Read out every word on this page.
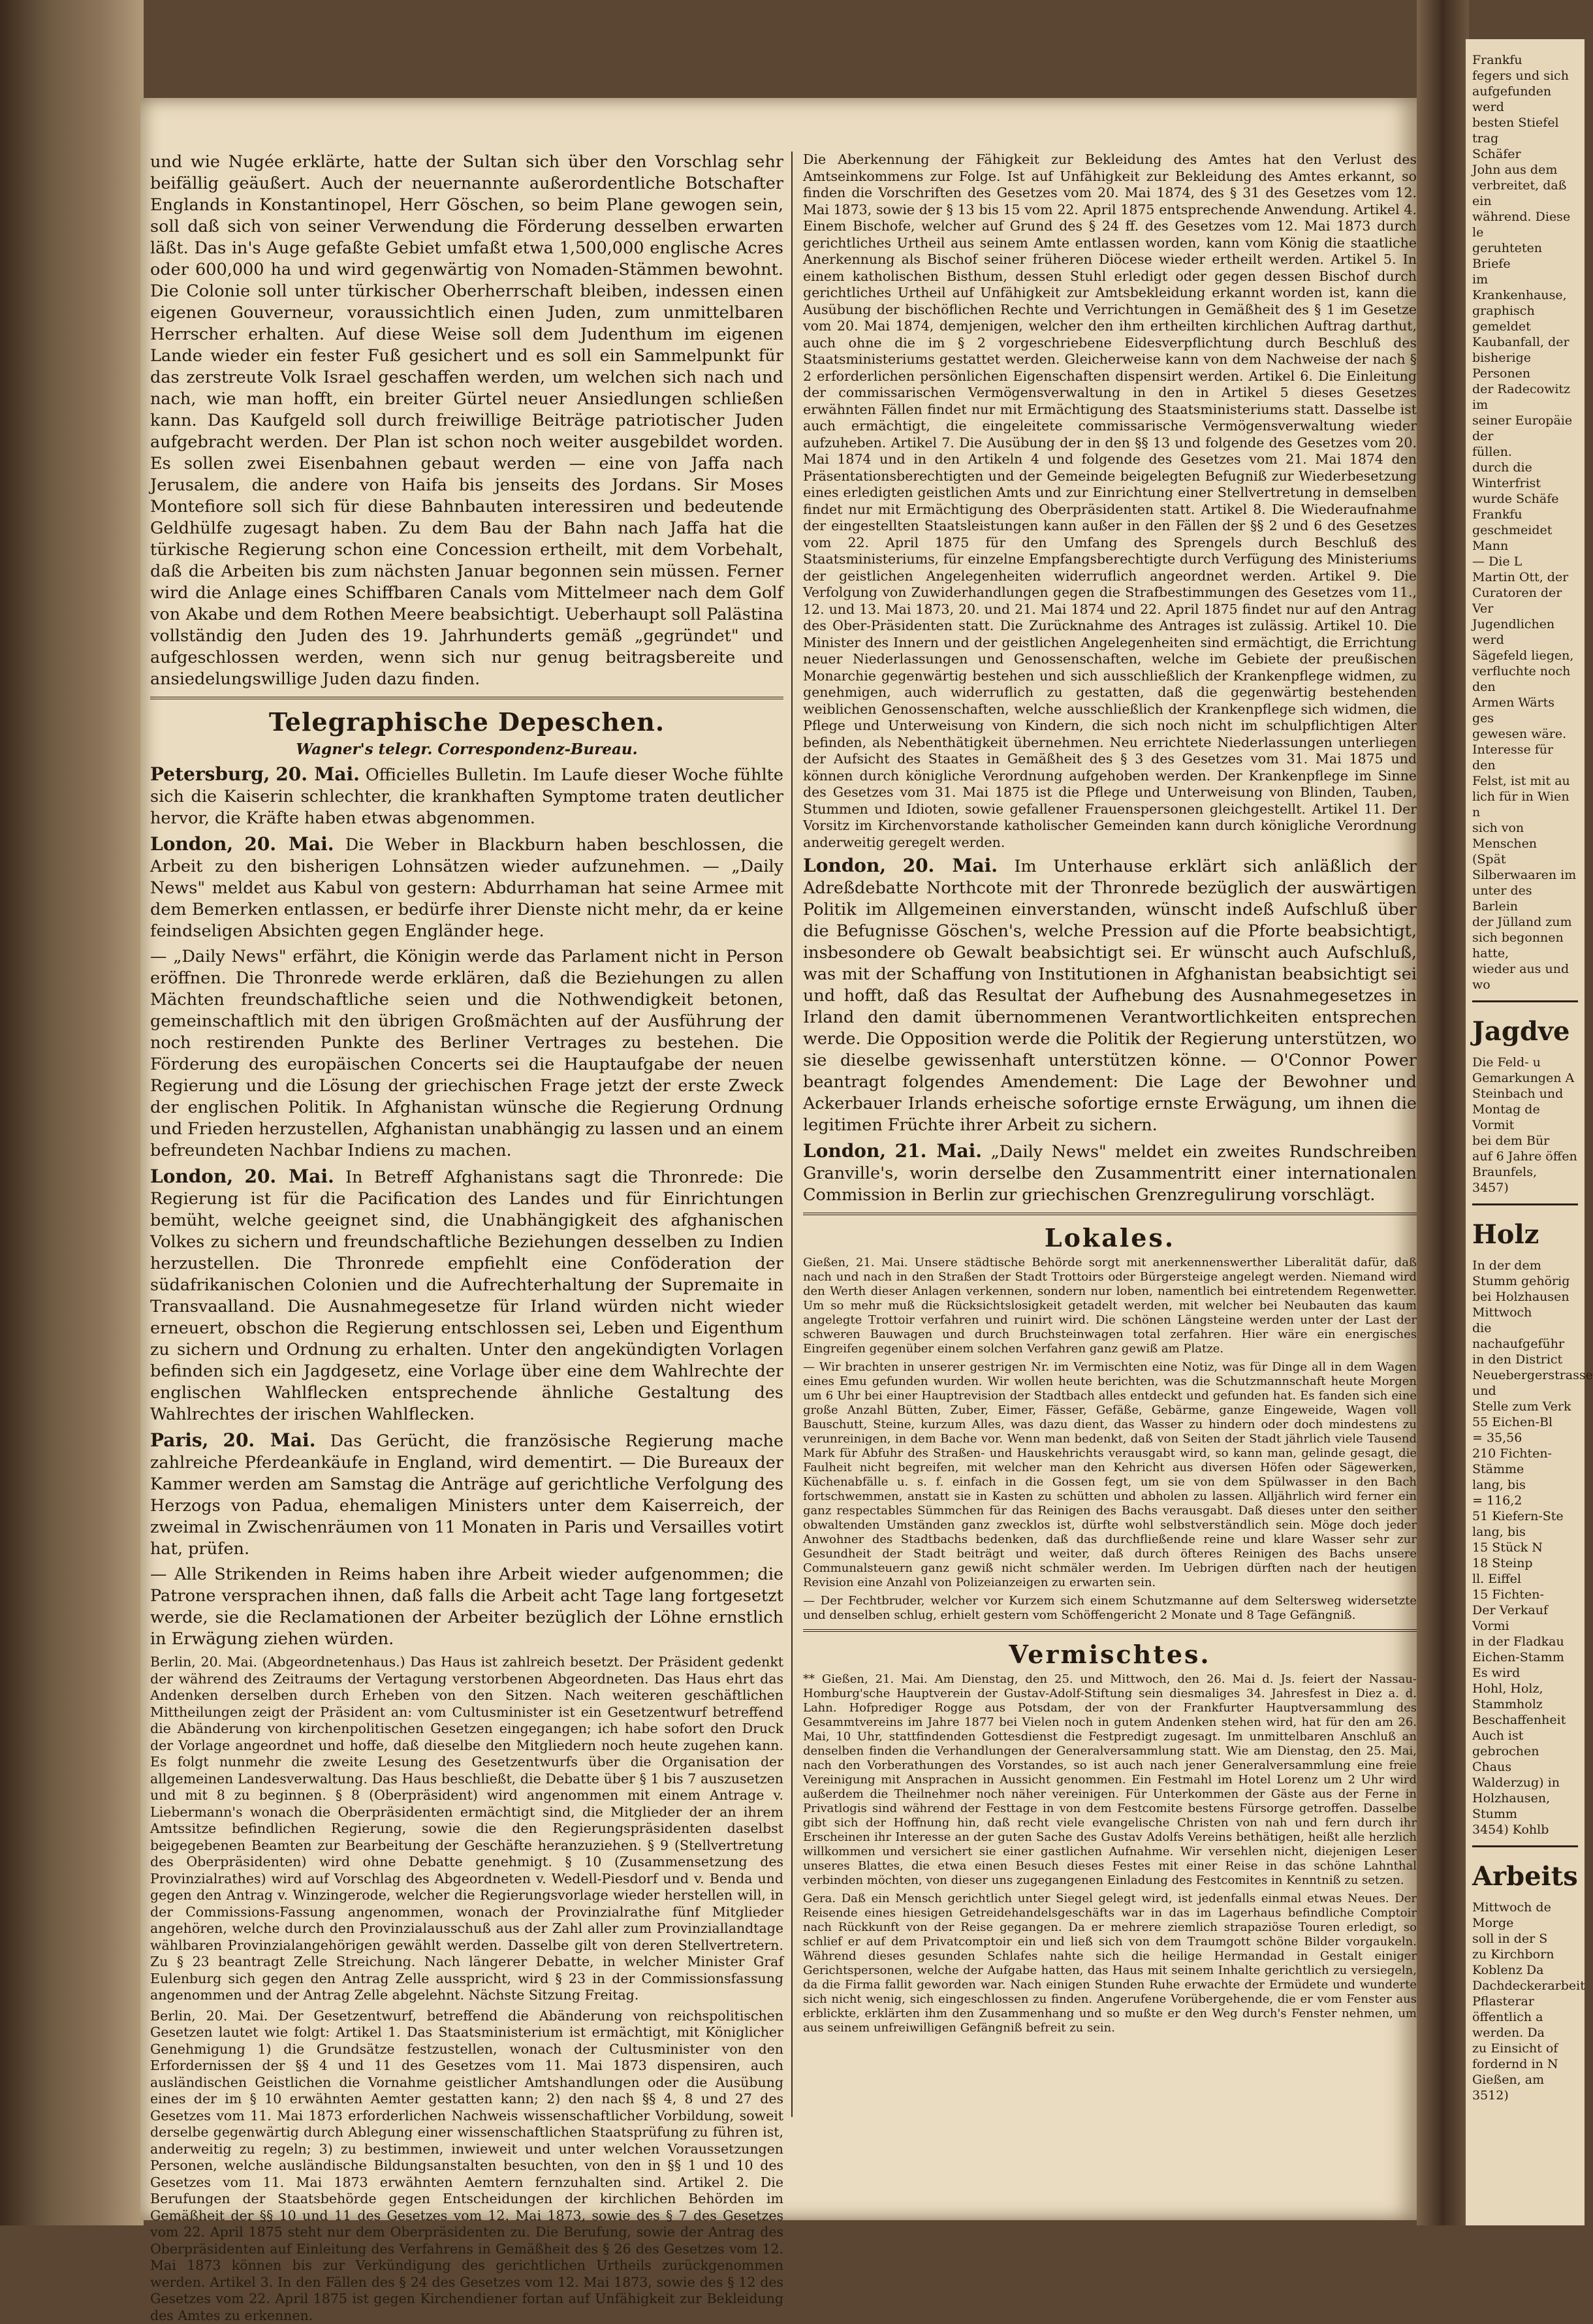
und wie Nugée erklärte, hatte der Sultan sich über den Vorschlag sehr beifällig geäußert. Auch der neuernannte außerordentliche Botschafter Englands in Konstantinopel, Herr Göschen, so beim Plane gewogen sein, soll daß sich von seiner Verwendung die Förderung desselben erwarten läßt. Das in's Auge gefaßte Gebiet umfaßt etwa 1,500,000 englische Acres oder 600,000 ha und wird gegenwärtig von Nomaden-Stämmen bewohnt. Die Colonie soll unter türkischer Oberherrschaft bleiben, indessen einen eigenen Gouverneur, voraussichtlich einen Juden, zum unmittelbaren Herrscher erhalten. Auf diese Weise soll dem Judenthum im eigenen Lande wieder ein fester Fuß gesichert und es soll ein Sammelpunkt für das zerstreute Volk Israel geschaffen werden, um welchen sich nach und nach, wie man hofft, ein breiter Gürtel neuer Ansiedlungen schließen kann. Das Kaufgeld soll durch freiwillige Beiträge patriotischer Juden aufgebracht werden. Der Plan ist schon noch weiter ausgebildet worden. Es sollen zwei Eisenbahnen gebaut werden — eine von Jaffa nach Jerusalem, die andere von Haifa bis jenseits des Jordans. Sir Moses Montefiore soll sich für diese Bahnbauten interessiren und bedeutende Geldhülfe zugesagt haben. Zu dem Bau der Bahn nach Jaffa hat die türkische Regierung schon eine Concession ertheilt, mit dem Vorbehalt, daß die Arbeiten bis zum nächsten Januar begonnen sein müssen. Ferner wird die Anlage eines Schiffbaren Canals vom Mittelmeer nach dem Golf von Akabe und dem Rothen Meere beabsichtigt. Ueberhaupt soll Palästina vollständig den Juden des 19. Jahrhunderts gemäß „gegründet" und aufgeschlossen werden, wenn sich nur genug beitragsbereite und ansiedelungswillige Juden dazu finden.

Telegraphische Depeschen.
Wagner's telegr. Correspondenz-Bureau.

Petersburg, 20. Mai. Officielles Bulletin. Im Laufe dieser Woche fühlte sich die Kaiserin schlechter, die krankhaften Symptome traten deutlicher hervor, die Kräfte haben etwas abgenommen.

London, 20. Mai. Die Weber in Blackburn haben beschlossen, die Arbeit zu den bisherigen Lohnsätzen wieder aufzunehmen. — „Daily News" meldet aus Kabul von gestern: Abdurrhaman hat seine Armee mit dem Bemerken entlassen, er bedürfe ihrer Dienste nicht mehr, da er keine feindseligen Absichten gegen Engländer hege.

— „Daily News" erfährt, die Königin werde das Parlament nicht in Person eröffnen. Die Thronrede werde erklären, daß die Beziehungen zu allen Mächten freundschaftliche seien und die Nothwendigkeit betonen, gemeinschaftlich mit den übrigen Großmächten auf der Ausführung der noch restirenden Punkte des Berliner Vertrages zu bestehen. Die Förderung des europäischen Concerts sei die Hauptaufgabe der neuen Regierung und die Lösung der griechischen Frage jetzt der erste Zweck der englischen Politik. In Afghanistan wünsche die Regierung Ordnung und Frieden herzustellen, Afghanistan unabhängig zu lassen und an einem befreundeten Nachbar Indiens zu machen.

London, 20. Mai. In Betreff Afghanistans sagt die Thronrede: Die Regierung ist für die Pacification des Landes und für Einrichtungen bemüht, welche geeignet sind, die Unabhängigkeit des afghanischen Volkes zu sichern und freundschaftliche Beziehungen desselben zu Indien herzustellen. Die Thronrede empfiehlt eine Conföderation der südafrikanischen Colonien und die Aufrechterhaltung der Supremaite in Transvaalland. Die Ausnahmegesetze für Irland würden nicht wieder erneuert, obschon die Regierung entschlossen sei, Leben und Eigenthum zu sichern und Ordnung zu erhalten. Unter den angekündigten Vorlagen befinden sich ein Jagdgesetz, eine Vorlage über eine dem Wahlrechte der englischen Wahlflecken entsprechende ähnliche Gestaltung des Wahlrechtes der irischen Wahlflecken.

Paris, 20. Mai. Das Gerücht, die französische Regierung mache zahlreiche Pferdeankäufe in England, wird dementirt. — Die Bureaux der Kammer werden am Samstag die Anträge auf gerichtliche Verfolgung des Herzogs von Padua, ehemaligen Ministers unter dem Kaiserreich, der zweimal in Zwischenräumen von 11 Monaten in Paris und Versailles votirt hat, prüfen.

— Alle Strikenden in Reims haben ihre Arbeit wieder aufgenommen; die Patrone versprachen ihnen, daß falls die Arbeit acht Tage lang fortgesetzt werde, sie die Reclamationen der Arbeiter bezüglich der Löhne ernstlich in Erwägung ziehen würden.

Berlin, 20. Mai. (Abgeordnetenhaus.) Das Haus ist zahlreich besetzt. Der Präsident gedenkt der während des Zeitraums der Vertagung verstorbenen Abgeordneten. Das Haus ehrt das Andenken derselben durch Erheben von den Sitzen. Nach weiteren geschäftlichen Mittheilungen zeigt der Präsident an: vom Cultusminister ist ein Gesetzentwurf betreffend die Abänderung von kirchenpolitischen Gesetzen eingegangen; ich habe sofort den Druck der Vorlage angeordnet und hoffe, daß dieselbe den Mitgliedern noch heute zugehen kann. Es folgt nunmehr die zweite Lesung des Gesetzentwurfs über die Organisation der allgemeinen Landesverwaltung. Das Haus beschließt, die Debatte über § 1 bis 7 auszusetzen und mit 8 zu beginnen. § 8 (Oberpräsident) wird angenommen mit einem Antrage v. Liebermann's wonach die Oberpräsidenten ermächtigt sind, die Mitglieder der an ihrem Amtssitze befindlichen Regierung, sowie die den Regierungspräsidenten daselbst beigegebenen Beamten zur Bearbeitung der Geschäfte heranzuziehen. § 9 (Stellvertretung des Oberpräsidenten) wird ohne Debatte genehmigt. § 10 (Zusammensetzung des Provinzialrathes) wird auf Vorschlag des Abgeordneten v. Wedell-Piesdorf und v. Benda und gegen den Antrag v. Winzingerode, welcher die Regierungsvorlage wieder herstellen will, in der Commissions-Fassung angenommen, wonach der Provinzialrathe fünf Mitglieder angehören, welche durch den Provinzialausschuß aus der Zahl aller zum Provinziallandtage wählbaren Provinzialangehörigen gewählt werden. Dasselbe gilt von deren Stellvertretern. Zu § 23 beantragt Zelle Streichung. Nach längerer Debatte, in welcher Minister Graf Eulenburg sich gegen den Antrag Zelle ausspricht, wird § 23 in der Commissionsfassung angenommen und der Antrag Zelle abgelehnt. Nächste Sitzung Freitag.

Berlin, 20. Mai. Der Gesetzentwurf, betreffend die Abänderung von reichspolitischen Gesetzen lautet wie folgt: Artikel 1. Das Staatsministerium ist ermächtigt, mit Königlicher Genehmigung 1) die Grundsätze festzustellen, wonach der Cultusminister von den Erfordernissen der §§ 4 und 11 des Gesetzes vom 11. Mai 1873 dispensiren, auch ausländischen Geistlichen die Vornahme geistlicher Amtshandlungen oder die Ausübung eines der im § 10 erwähnten Aemter gestatten kann; 2) den nach §§ 4, 8 und 27 des Gesetzes vom 11. Mai 1873 erforderlichen Nachweis wissenschaftlicher Vorbildung, soweit derselbe gegenwärtig durch Ablegung einer wissenschaftlichen Staatsprüfung zu führen ist, anderweitig zu regeln; 3) zu bestimmen, inwieweit und unter welchen Voraussetzungen Personen, welche ausländische Bildungsanstalten besuchten, von den in §§ 1 und 10 des Gesetzes vom 11. Mai 1873 erwähnten Aemtern fernzuhalten sind. Artikel 2. Die Berufungen der Staatsbehörde gegen Entscheidungen der kirchlichen Behörden im Gemäßheit der §§ 10 und 11 des Gesetzes vom 12. Mai 1873, sowie des § 7 des Gesetzes vom 22. April 1875 steht nur dem Oberpräsidenten zu. Die Berufung, sowie der Antrag des Oberpräsidenten auf Einleitung des Verfahrens in Gemäßheit des § 26 des Gesetzes vom 12. Mai 1873 können bis zur Verkündigung des gerichtlichen Urtheils zurückgenommen werden. Artikel 3. In den Fällen des § 24 des Gesetzes vom 12. Mai 1873, sowie des § 12 des Gesetzes vom 22. April 1875 ist gegen Kirchendiener fortan auf Unfähigkeit zur Bekleidung des Amtes zu erkennen.

Die Aberkennung der Fähigkeit zur Bekleidung des Amtes hat den Verlust des Amtseinkommens zur Folge. Ist auf Unfähigkeit zur Bekleidung des Amtes erkannt, so finden die Vorschriften des Gesetzes vom 20. Mai 1874, des § 31 des Gesetzes vom 12. Mai 1873, sowie der § 13 bis 15 vom 22. April 1875 entsprechende Anwendung. Artikel 4. Einem Bischofe, welcher auf Grund des § 24 ff. des Gesetzes vom 12. Mai 1873 durch gerichtliches Urtheil aus seinem Amte entlassen worden, kann vom König die staatliche Anerkennung als Bischof seiner früheren Diöcese wieder ertheilt werden. Artikel 5. In einem katholischen Bisthum, dessen Stuhl erledigt oder gegen dessen Bischof durch gerichtliches Urtheil auf Unfähigkeit zur Amtsbekleidung erkannt worden ist, kann die Ausübung der bischöflichen Rechte und Verrichtungen in Gemäßheit des § 1 im Gesetze vom 20. Mai 1874, demjenigen, welcher den ihm ertheilten kirchlichen Auftrag darthut, auch ohne die im § 2 vorgeschriebene Eidesverpflichtung durch Beschluß des Staatsministeriums gestattet werden. Gleicherweise kann von dem Nachweise der nach § 2 erforderlichen persönlichen Eigenschaften dispensirt werden. Artikel 6. Die Einleitung der commissarischen Vermögensverwaltung in den in Artikel 5 dieses Gesetzes erwähnten Fällen findet nur mit Ermächtigung des Staatsministeriums statt. Dasselbe ist auch ermächtigt, die eingeleitete commissarische Vermögensverwaltung wieder aufzuheben. Artikel 7. Die Ausübung der in den §§ 13 und folgende des Gesetzes vom 20. Mai 1874 und in den Artikeln 4 und folgende des Gesetzes vom 21. Mai 1874 den Präsentationsberechtigten und der Gemeinde beigelegten Befugniß zur Wiederbesetzung eines erledigten geistlichen Amts und zur Einrichtung einer Stellvertretung in demselben findet nur mit Ermächtigung des Oberpräsidenten statt. Artikel 8. Die Wiederaufnahme der eingestellten Staatsleistungen kann außer in den Fällen der §§ 2 und 6 des Gesetzes vom 22. April 1875 für den Umfang des Sprengels durch Beschluß des Staatsministeriums, für einzelne Empfangsberechtigte durch Verfügung des Ministeriums der geistlichen Angelegenheiten widerruflich angeordnet werden. Artikel 9. Die Verfolgung von Zuwiderhandlungen gegen die Strafbestimmungen des Gesetzes vom 11., 12. und 13. Mai 1873, 20. und 21. Mai 1874 und 22. April 1875 findet nur auf den Antrag des Ober-Präsidenten statt. Die Zurücknahme des Antrages ist zulässig. Artikel 10. Die Minister des Innern und der geistlichen Angelegenheiten sind ermächtigt, die Errichtung neuer Niederlassungen und Genossenschaften, welche im Gebiete der preußischen Monarchie gegenwärtig bestehen und sich ausschließlich der Krankenpflege widmen, zu genehmigen, auch widerruflich zu gestatten, daß die gegenwärtig bestehenden weiblichen Genossenschaften, welche ausschließlich der Krankenpflege sich widmen, die Pflege und Unterweisung von Kindern, die sich noch nicht im schulpflichtigen Alter befinden, als Nebenthätigkeit übernehmen. Neu errichtete Niederlassungen unterliegen der Aufsicht des Staates in Gemäßheit des § 3 des Gesetzes vom 31. Mai 1875 und können durch königliche Verordnung aufgehoben werden. Der Krankenpflege im Sinne des Gesetzes vom 31. Mai 1875 ist die Pflege und Unterweisung von Blinden, Tauben, Stummen und Idioten, sowie gefallener Frauenspersonen gleichgestellt. Artikel 11. Der Vorsitz im Kirchenvorstande katholischer Gemeinden kann durch königliche Verordnung anderweitig geregelt werden.

London, 20. Mai. Im Unterhause erklärt sich anläßlich der Adreßdebatte Northcote mit der Thronrede bezüglich der auswärtigen Politik im Allgemeinen einverstanden, wünscht indeß Aufschluß über die Befugnisse Göschen's, welche Pression auf die Pforte beabsichtigt, insbesondere ob Gewalt beabsichtigt sei. Er wünscht auch Aufschluß, was mit der Schaffung von Institutionen in Afghanistan beabsichtigt sei und hofft, daß das Resultat der Aufhebung des Ausnahmegesetzes in Irland den damit übernommenen Verantwortlichkeiten entsprechen werde. Die Opposition werde die Politik der Regierung unterstützen, wo sie dieselbe gewissenhaft unterstützen könne. — O'Connor Power beantragt folgendes Amendement: Die Lage der Bewohner und Ackerbauer Irlands erheische sofortige ernste Erwägung, um ihnen die legitimen Früchte ihrer Arbeit zu sichern.

London, 21. Mai. „Daily News" meldet ein zweites Rundschreiben Granville's, worin derselbe den Zusammentritt einer internationalen Commission in Berlin zur griechischen Grenzregulirung vorschlägt.

Lokales.

Gießen, 21. Mai. Unsere städtische Behörde sorgt mit anerkennenswerther Liberalität dafür, daß nach und nach in den Straßen der Stadt Trottoirs oder Bürgersteige angelegt werden. Niemand wird den Werth dieser Anlagen verkennen, sondern nur loben, namentlich bei eintretendem Regenwetter. Um so mehr muß die Rücksichtslosigkeit getadelt werden, mit welcher bei Neubauten das kaum angelegte Trottoir verfahren und ruinirt wird. Die schönen Längsteine werden unter der Last der schweren Bauwagen und durch Bruchsteinwagen total zerfahren. Hier wäre ein energisches Eingreifen gegenüber einem solchen Verfahren ganz gewiß am Platze.

— Wir brachten in unserer gestrigen Nr. im Vermischten eine Notiz, was für Dinge all in dem Wagen eines Emu gefunden wurden. Wir wollen heute berichten, was die Schutzmannschaft heute Morgen um 6 Uhr bei einer Hauptrevision der Stadtbach alles entdeckt und gefunden hat. Es fanden sich eine große Anzahl Bütten, Zuber, Eimer, Fässer, Gefäße, Gebärme, ganze Eingeweide, Wagen voll Bauschutt, Steine, kurzum Alles, was dazu dient, das Wasser zu hindern oder doch mindestens zu verunreinigen, in dem Bache vor. Wenn man bedenkt, daß von Seiten der Stadt jährlich viele Tausend Mark für Abfuhr des Straßen- und Hauskehrichts verausgabt wird, so kann man, gelinde gesagt, die Faulheit nicht begreifen, mit welcher man den Kehricht aus diversen Höfen oder Sägewerken, Küchenabfälle u. s. f. einfach in die Gossen fegt, um sie von dem Spülwasser in den Bach fortschwemmen, anstatt sie in Kasten zu schütten und abholen zu lassen. Alljährlich wird ferner ein ganz respectables Sümmchen für das Reinigen des Bachs verausgabt. Daß dieses unter den seither obwaltenden Umständen ganz zwecklos ist, dürfte wohl selbstverständlich sein. Möge doch jeder Anwohner des Stadtbachs bedenken, daß das durchfließende reine und klare Wasser sehr zur Gesundheit der Stadt beiträgt und weiter, daß durch öfteres Reinigen des Bachs unsere Communalsteuern ganz gewiß nicht schmäler werden. Im Uebrigen dürften nach der heutigen Revision eine Anzahl von Polizeianzeigen zu erwarten sein.

— Der Fechtbruder, welcher vor Kurzem sich einem Schutzmanne auf dem Seltersweg widersetzte und denselben schlug, erhielt gestern vom Schöffengericht 2 Monate und 8 Tage Gefängniß.

Vermischtes.

** Gießen, 21. Mai. Am Dienstag, den 25. und Mittwoch, den 26. Mai d. Js. feiert der Nassau-Homburg'sche Hauptverein der Gustav-Adolf-Stiftung sein diesmaliges 34. Jahresfest in Diez a. d. Lahn. Hofprediger Rogge aus Potsdam, der von der Frankfurter Hauptversammlung des Gesammtvereins im Jahre 1877 bei Vielen noch in gutem Andenken stehen wird, hat für den am 26. Mai, 10 Uhr, stattfindenden Gottesdienst die Festpredigt zugesagt. Im unmittelbaren Anschluß an denselben finden die Verhandlungen der Generalversammlung statt. Wie am Dienstag, den 25. Mai, nach den Vorberathungen des Vorstandes, so ist auch nach jener Generalversammlung eine freie Vereinigung mit Ansprachen in Aussicht genommen. Ein Festmahl im Hotel Lorenz um 2 Uhr wird außerdem die Theilnehmer noch näher vereinigen. Für Unterkommen der Gäste aus der Ferne in Privatlogis sind während der Festtage in von dem Festcomite bestens Fürsorge getroffen. Dasselbe gibt sich der Hoffnung hin, daß recht viele evangelische Christen von nah und fern durch ihr Erscheinen ihr Interesse an der guten Sache des Gustav Adolfs Vereins bethätigen, heißt alle herzlich willkommen und versichert sie einer gastlichen Aufnahme. Wir versehlen nicht, diejenigen Leser unseres Blattes, die etwa einen Besuch dieses Festes mit einer Reise in das schöne Lahnthal verbinden möchten, von dieser uns zugegangenen Einladung des Festcomites in Kenntniß zu setzen.

Gera. Daß ein Mensch gerichtlich unter Siegel gelegt wird, ist jedenfalls einmal etwas Neues. Der Reisende eines hiesigen Getreidehandelsgeschäfts war in das im Lagerhaus befindliche Comptoir nach Rückkunft von der Reise gegangen. Da er mehrere ziemlich strapaziöse Touren erledigt, so schlief er auf dem Privatcomptoir ein und ließ sich von dem Traumgott schöne Bilder vorgaukeln. Während dieses gesunden Schlafes nahte sich die heilige Hermandad in Gestalt einiger Gerichtspersonen, welche der Aufgabe hatten, das Haus mit seinem Inhalte gerichtlich zu versiegeln, da die Firma fallit geworden war. Nach einigen Stunden Ruhe erwachte der Ermüdete und wunderte sich nicht wenig, sich eingeschlossen zu finden. Angerufene Vorübergehende, die er vom Fenster aus erblickte, erklärten ihm den Zusammenhang und so mußte er den Weg durch's Fenster nehmen, um aus seinem unfreiwilligen Gefängniß befreit zu sein.

Frankfu
fegers und sich
aufgefunden werd
besten Stiefel trag
Schäfer
John aus dem
verbreitet, daß ein
während. Diese le
geruhteten Briefe
im Krankenhause,
graphisch gemeldet
Kaubanfall, der
bisherige Personen
der Radecowitz im
seiner Europäie der
füllen.
durch die Winterfrist
wurde Schäfe
Frankfu
geschmeidet Mann
— Die L
Martin Ott, der
Curatoren der Ver
Jugendlichen werd
Sägefeld liegen,
verfluchte noch den
Armen Wärts ges
gewesen wäre.
Interesse für den
Felst, ist mit au
lich für in Wien n
sich von Menschen
(Spät
Silberwaaren im
unter des Barlein
der Jülland zum
sich begonnen hatte,
wieder aus und wo
Jagdve
Die Feld- u
Gemarkungen A
Steinbach und
Montag de
Vormit
bei dem Bür
auf 6 Jahre öffen
Braunfels,
3457)
Holz
In der dem
Stumm gehörig
bei Holzhausen
Mittwoch
die nachaufgeführ
in den District
Neuebergerstrasse und
Stelle zum Verk
55 Eichen-Bl
= 35,56
210 Fichten-Stämme
lang, bis
= 116,2
51 Kiefern-Ste
lang, bis
15 Stück N
18 Steinp
ll. Eiffel
15 Fichten-
Der Verkauf
Vormi
in der Fladkau
Eichen-Stamm
Es wird
Hohl, Holz,
Stammholz
Beschaffenheit
Auch ist
gebrochen Chaus
Walderzug) in
Holzhausen,
Stumm
3454) Kohlb
Arbeits
Mittwoch de
Morge
soll in der S
zu Kirchborn
Koblenz Da
Dachdeckerarbeit
Pflasterar
öffentlich a
werden. Da
zu Einsicht of
fordernd in N
Gießen, am
3512)
